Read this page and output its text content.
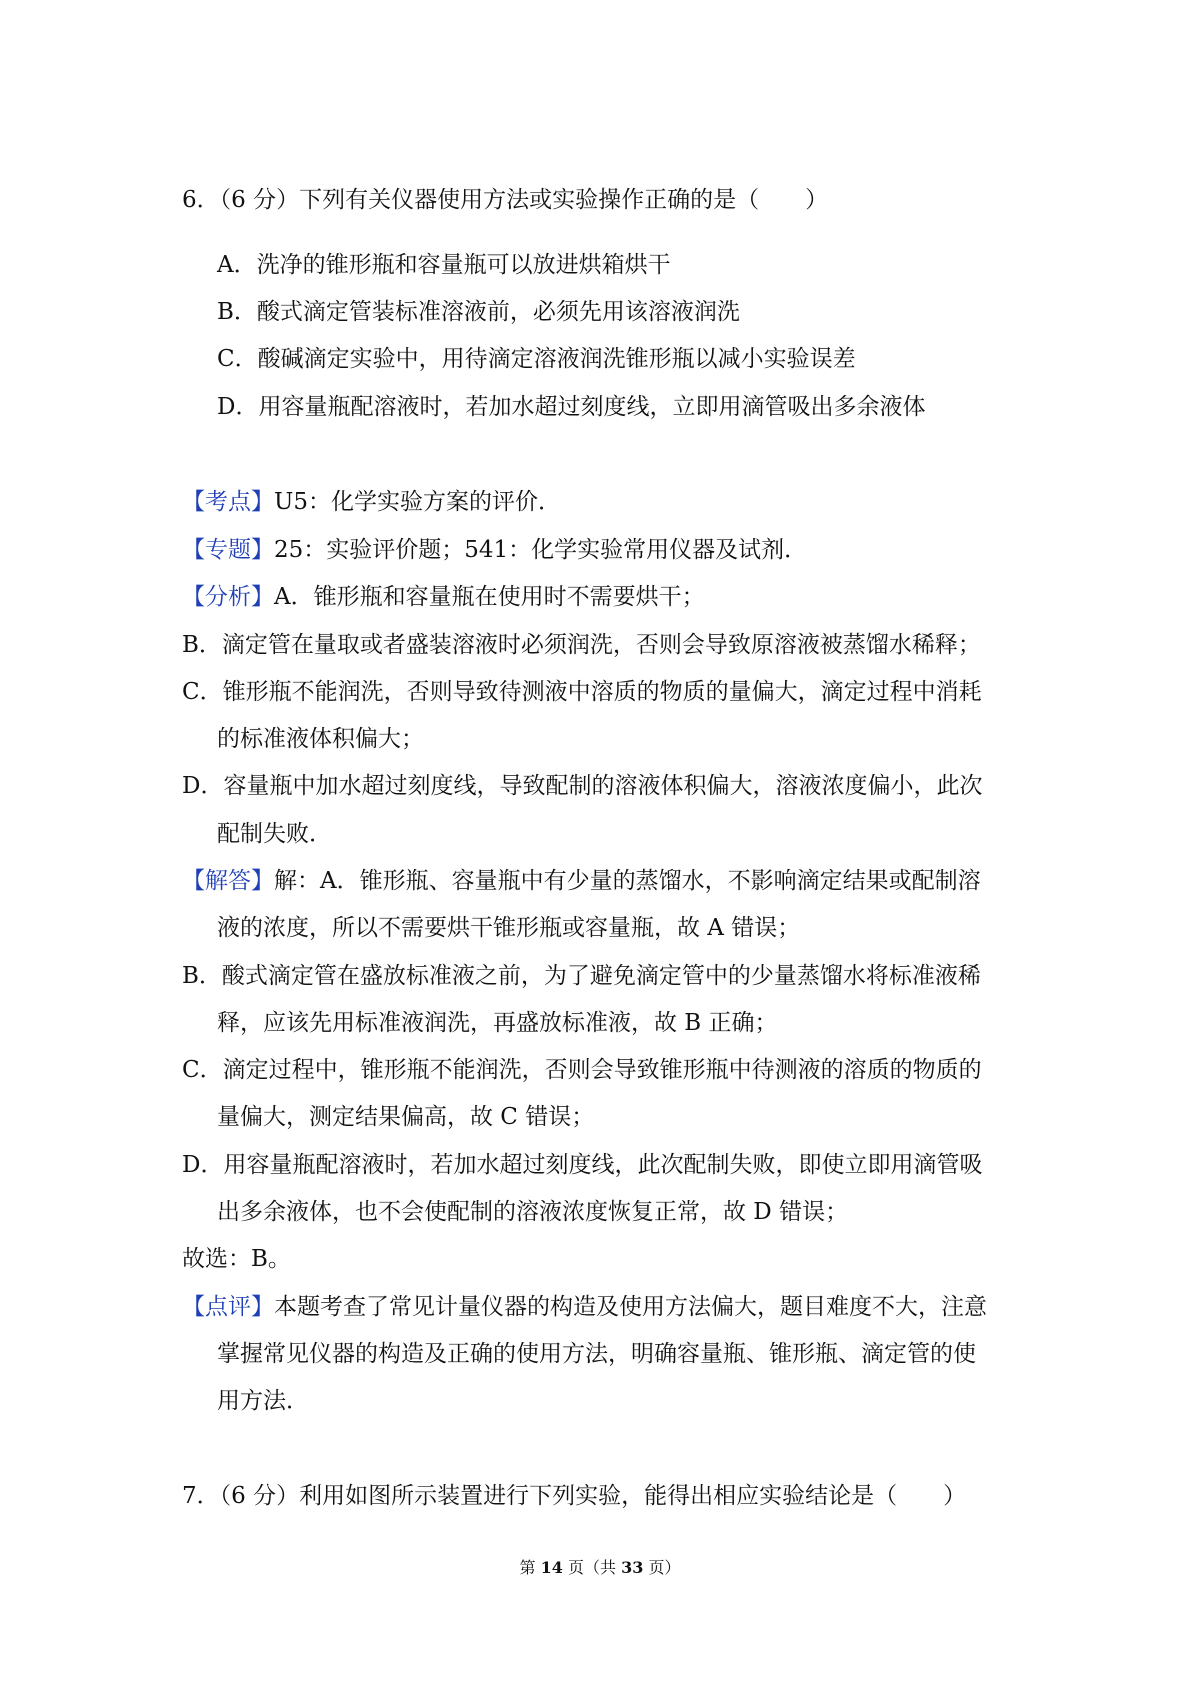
6．（6 分）下列有关仪器使用方法或实验操作正确的是（　　）
A．洗净的锥形瓶和容量瓶可以放进烘箱烘干
B．酸式滴定管装标准溶液前，必须先用该溶液润洗
C．酸碱滴定实验中，用待滴定溶液润洗锥形瓶以减小实验误差
D．用容量瓶配溶液时，若加水超过刻度线，立即用滴管吸出多余液体
【考点】U5：化学实验方案的评价．
【专题】25：实验评价题；541：化学实验常用仪器及试剂．
【分析】A．锥形瓶和容量瓶在使用时不需要烘干；
B．滴定管在量取或者盛装溶液时必须润洗，否则会导致原溶液被蒸馏水稀释；
C．锥形瓶不能润洗，否则导致待测液中溶质的物质的量偏大，滴定过程中消耗
的标准液体积偏大；
D．容量瓶中加水超过刻度线，导致配制的溶液体积偏大，溶液浓度偏小，此次
配制失败．
【解答】解：A．锥形瓶、容量瓶中有少量的蒸馏水，不影响滴定结果或配制溶
液的浓度，所以不需要烘干锥形瓶或容量瓶，故 A 错误；
B．酸式滴定管在盛放标准液之前，为了避免滴定管中的少量蒸馏水将标准液稀
释，应该先用标准液润洗，再盛放标准液，故 B 正确；
C．滴定过程中，锥形瓶不能润洗，否则会导致锥形瓶中待测液的溶质的物质的
量偏大，测定结果偏高，故 C 错误；
D．用容量瓶配溶液时，若加水超过刻度线，此次配制失败，即使立即用滴管吸
出多余液体，也不会使配制的溶液浓度恢复正常，故 D 错误；
故选：B。
【点评】本题考查了常见计量仪器的构造及使用方法偏大，题目难度不大，注意
掌握常见仪器的构造及正确的使用方法，明确容量瓶、锥形瓶、滴定管的使
用方法．
7．（6 分）利用如图所示装置进行下列实验，能得出相应实验结论是（　　）
第 14 页（共 33 页）
